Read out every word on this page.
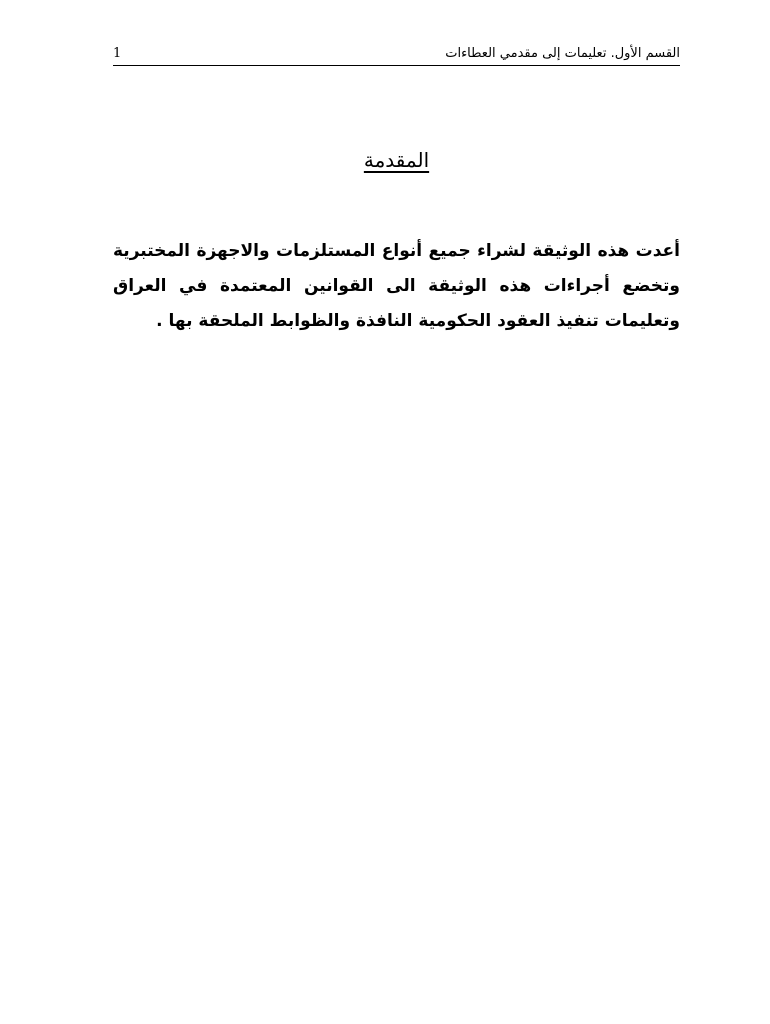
القسم الأول. تعليمات إلى مقدمي العطاءات
1
المقدمة

أعدت هذه الوثيقة لشراء جميع أنواع المستلزمات والاجهزة المختبرية وتخضع أجراءات هذه الوثيقة الى القوانين المعتمدة في العراق وتعليمات تنفيذ العقود الحكومية النافذة والظوابط الملحقة بها .
